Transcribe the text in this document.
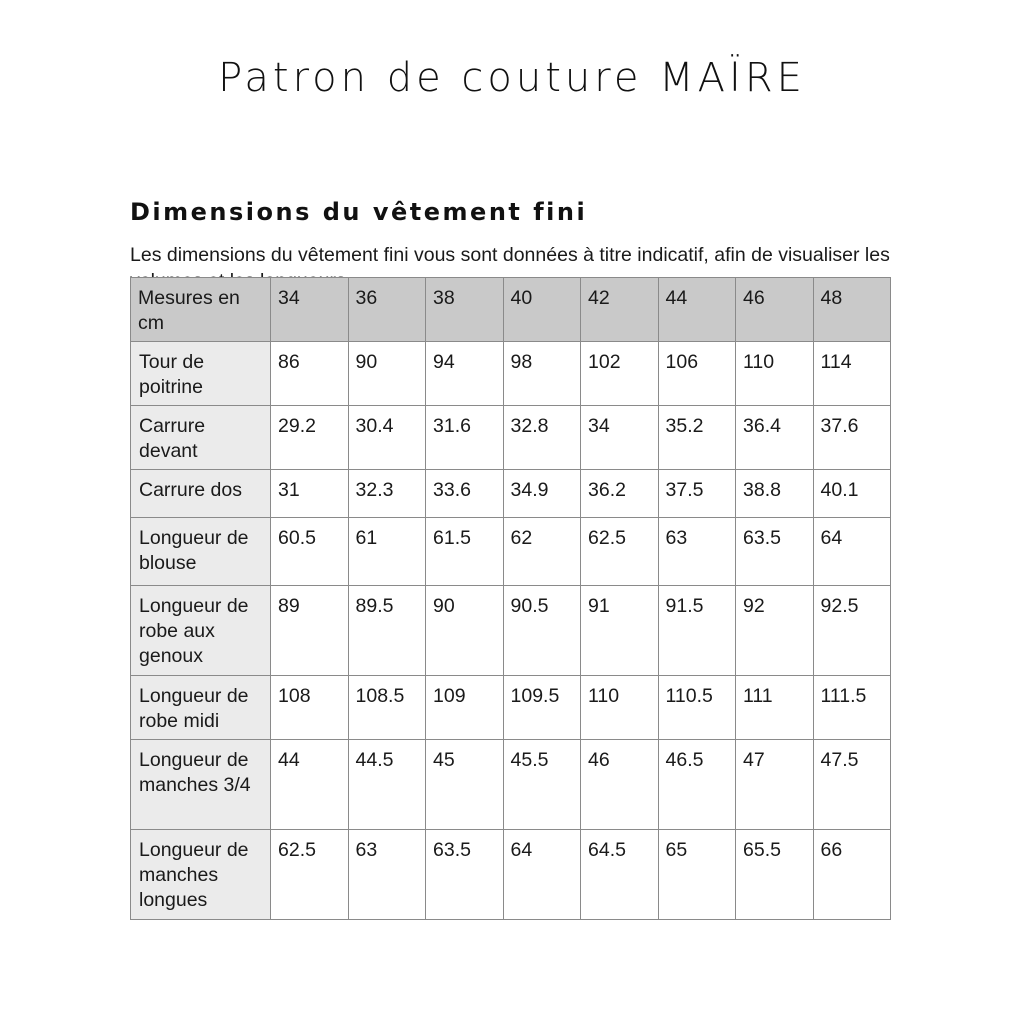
Patron de couture MAÏRE
Dimensions du vêtement fini

Les dimensions du vêtement fini vous sont données à titre indicatif, afin de visualiser les

Mesures en cm	34	36	38	40	42	44	46	48
Tour de poitrine	86	90	94	98	102	106	110	114
Carrure devant	29.2	30.4	31.6	32.8	34	35.2	36.4	37.6
Carrure dos	31	32.3	33.6	34.9	36.2	37.5	38.8	40.1
Longueur de blouse	60.5	61	61.5	62	62.5	63	63.5	64
Longueur de robe aux genoux	89	89.5	90	90.5	91	91.5	92	92.5
Longueur de robe midi	108	108.5	109	109.5	110	110.5	111	111.5
Longueur de manches 3/4	44	44.5	45	45.5	46	46.5	47	47.5
Longueur de manches longues	62.5	63	63.5	64	64.5	65	65.5	66
